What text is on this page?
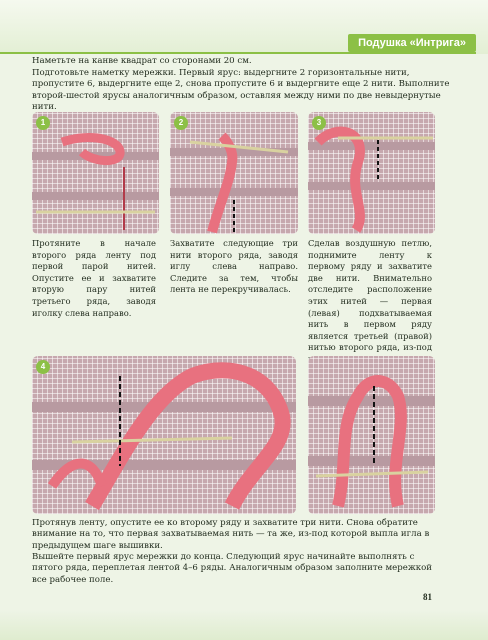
Подушка «Интрига»
Наметьте на канве квадрат со сторонами 20 см.
Подготовьте наметку мережки. Первый ярус: выдергните 2 горизонтальные нити, пропустите 6, выдергните еще 2, снова пропустите 6 и выдергните еще 2 нити. Выполните второй-шестой ярусы аналогичным образом, оставляя между ними по две невыдернутые нити.
1	2	3
Протяните в начале второго ряда ленту под первой парой нитей. Опустите ее и захватите вторую пару нитей третьего ряда, заводя иголку слева направо.
Захватите следующие три нити второго ряда, заводя иглу слева направо. Следите за тем, чтобы лента не перекручивалась.
Сделав воздушную петлю, поднимите ленту к первому ряду и захватите две нити. Внимательно отследите расположение этих нитей — первая (левая) подхватываемая нить в первом ряду является третьей (правой) нитью второго ряда, из-под
4
Протянув ленту, опустите ее ко второму ряду и захватите три нити. Снова обратите внимание на то, что первая захватываемая нить — та же, из-под которой выпла игла в предыдущем шаге вышивки.
Вышейте первый ярус мережки до конца. Следующий ярус начинайте выполнять с пятого ряда, переплетая лентой 4–6 ряды. Аналогичным образом заполните мережкой все рабочее поле.
81
